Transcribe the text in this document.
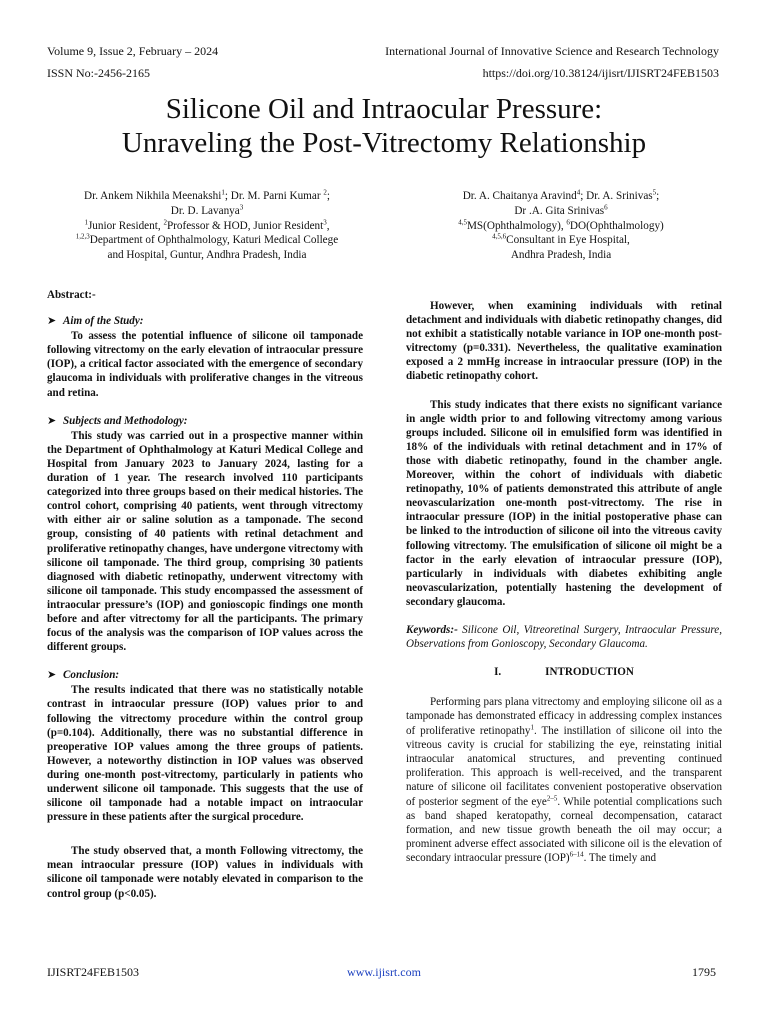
Volume 9, Issue 2, February – 2024	International Journal of Innovative Science and Research Technology
ISSN No:-2456-2165	https://doi.org/10.38124/ijisrt/IJISRT24FEB1503
Silicone Oil and Intraocular Pressure:
Unraveling the Post-Vitrectomy Relationship
Dr. Ankem Nikhila Meenakshi$^1$; Dr. M. Parni Kumar $^2$;
Dr. D. Lavanya$^3$
$^1$Junior Resident, $^2$Professor & HOD, Junior Resident$^3$,
$^{1,2,3}$Department of Ophthalmology, Katuri Medical College
and Hospital, Guntur, Andhra Pradesh, India
Dr. A. Chaitanya Aravind$^4$; Dr. A. Srinivas$^5$;
Dr .A. Gita Srinivas$^6$
$^{4,5}$MS(Ophthalmology), $^6$DO(Ophthalmology)
$^{4,5,6}$Consultant in Eye Hospital,
Andhra Pradesh, India

Abstract:-

➤ Aim of the Study:

To assess the potential influence of silicone oil tamponade following vitrectomy on the early elevation of intraocular pressure (IOP), a critical factor associated with the emergence of secondary glaucoma in individuals with proliferative changes in the vitreous and retina.

➤ Subjects and Methodology:

This study was carried out in a prospective manner within the Department of Ophthalmology at Katuri Medical College and Hospital from January 2023 to January 2024, lasting for a duration of 1 year. The research involved 110 participants categorized into three groups based on their medical histories. The control cohort, comprising 40 patients, went through vitrectomy with either air or saline solution as a tamponade. The second group, consisting of 40 patients with retinal detachment and proliferative retinopathy changes, have undergone vitrectomy with silicone oil tamponade. The third group, comprising 30 patients diagnosed with diabetic retinopathy, underwent vitrectomy with silicone oil tamponade. This study encompassed the assessment of intraocular pressure’s (IOP) and gonioscopic findings one month before and after vitrectomy for all the participants. The primary focus of the analysis was the comparison of IOP values across the different groups.

➤ Conclusion:

The results indicated that there was no statistically notable contrast in intraocular pressure (IOP) values prior to and following the vitrectomy procedure within the control group (p=0.104). Additionally, there was no substantial difference in preoperative IOP values among the three groups of patients. However, a noteworthy distinction in IOP values was observed during one-month post-vitrectomy, particularly in patients who underwent silicone oil tamponade. This suggests that the use of silicone oil tamponade had a notable impact on intraocular pressure in these patients after the surgical procedure.

The study observed that, a month Following vitrectomy, the mean intraocular pressure (IOP) values in individuals with silicone oil tamponade were notably elevated in comparison to the control group (p<0.05).

However, when examining individuals with retinal detachment and individuals with diabetic retinopathy changes, did not exhibit a statistically notable variance in IOP one-month post-vitrectomy (p=0.331). Nevertheless, the qualitative examination exposed a 2 mmHg increase in intraocular pressure (IOP) in the diabetic retinopathy cohort.

This study indicates that there exists no significant variance in angle width prior to and following vitrectomy among various groups included. Silicone oil in emulsified form was identified in 18% of the individuals with retinal detachment and in 17% of those with diabetic retinopathy, found in the chamber angle. Moreover, within the cohort of individuals with diabetic retinopathy, 10% of patients demonstrated this attribute of angle neovascularization one-month post-vitrectomy. The rise in intraocular pressure (IOP) in the initial postoperative phase can be linked to the introduction of silicone oil into the vitreous cavity following vitrectomy. The emulsification of silicone oil might be a factor in the early elevation of intraocular pressure (IOP), particularly in individuals with diabetes exhibiting angle neovascularization, potentially hastening the development of secondary glaucoma.

Keywords:- Silicone Oil, Vitreoretinal Surgery, Intraocular Pressure, Observations from Gonioscopy, Secondary Glaucoma.

I.	INTRODUCTION

Performing pars plana vitrectomy and employing silicone oil as a tamponade has demonstrated efficacy in addressing complex instances of proliferative retinopathy$^1$. The instillation of silicone oil into the vitreous cavity is crucial for stabilizing the eye, reinstating initial intraocular anatomical structures, and preventing continued proliferation. This approach is well-received, and the transparent nature of silicone oil facilitates convenient postoperative observation of posterior segment of the eye$^{2-5}$. While potential complications such as band shaped keratopathy, corneal decompensation, cataract formation, and new tissue growth beneath the oil may occur; a prominent adverse effect associated with silicone oil is the elevation of secondary intraocular pressure (IOP)$^{6-14}$. The timely and

IJISRT24FEB1503	www.ijisrt.com	1795
